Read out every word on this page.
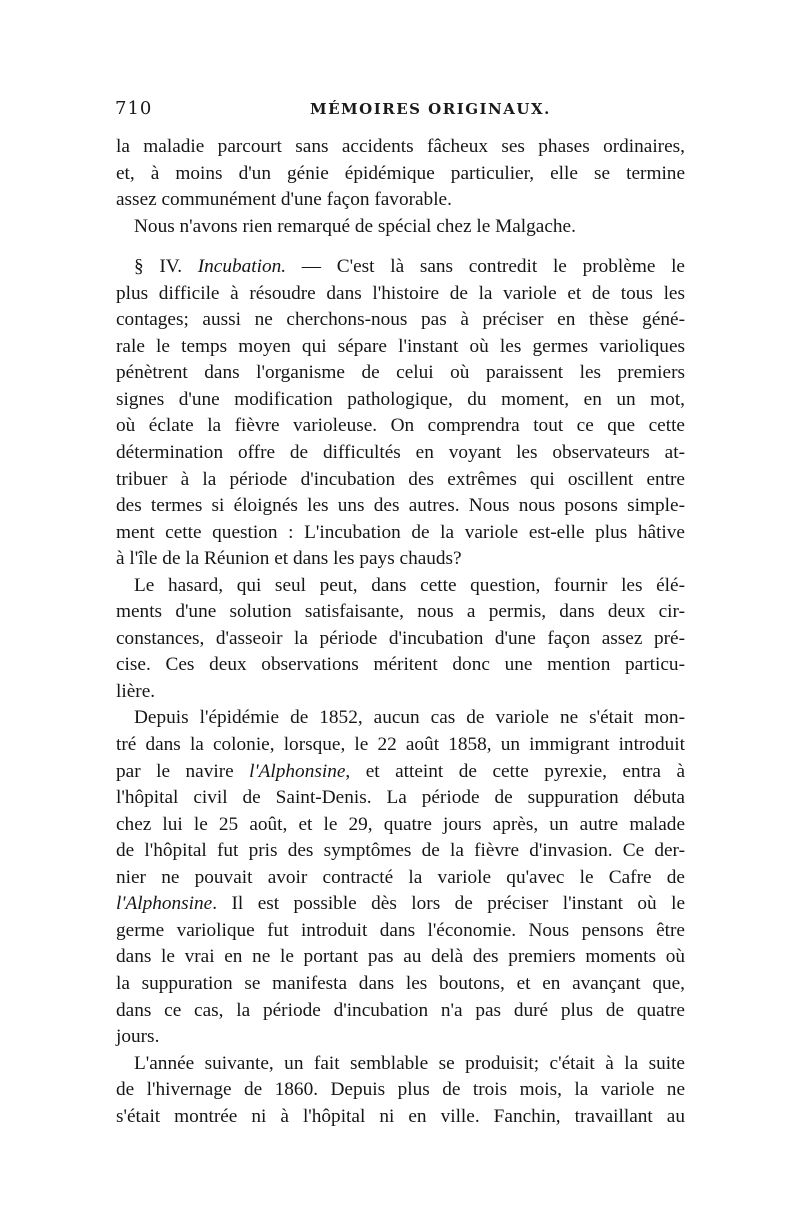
710	MÉMOIRES ORIGINAUX.
la maladie parcourt sans accidents fâcheux ses phases ordinaires,
et, à moins d'un génie épidémique particulier, elle se termine
assez communément d'une façon favorable.
Nous n'avons rien remarqué de spécial chez le Malgache.
§ IV. Incubation. — C'est là sans contredit le problème le
plus difficile à résoudre dans l'histoire de la variole et de tous les
contages; aussi ne cherchons-nous pas à préciser en thèse géné-
rale le temps moyen qui sépare l'instant où les germes varioliques
pénètrent dans l'organisme de celui où paraissent les premiers
signes d'une modification pathologique, du moment, en un mot,
où éclate la fièvre varioleuse. On comprendra tout ce que cette
détermination offre de difficultés en voyant les observateurs at-
tribuer à la période d'incubation des extrêmes qui oscillent entre
des termes si éloignés les uns des autres. Nous nous posons simple-
ment cette question : L'incubation de la variole est-elle plus hâtive
à l'île de la Réunion et dans les pays chauds?
Le hasard, qui seul peut, dans cette question, fournir les élé-
ments d'une solution satisfaisante, nous a permis, dans deux cir-
constances, d'asseoir la période d'incubation d'une façon assez pré-
cise. Ces deux observations méritent donc une mention particu-
lière.
Depuis l'épidémie de 1852, aucun cas de variole ne s'était mon-
tré dans la colonie, lorsque, le 22 août 1858, un immigrant introduit
par le navire l'Alphonsine, et atteint de cette pyrexie, entra à
l'hôpital civil de Saint-Denis. La période de suppuration débuta
chez lui le 25 août, et le 29, quatre jours après, un autre malade
de l'hôpital fut pris des symptômes de la fièvre d'invasion. Ce der-
nier ne pouvait avoir contracté la variole qu'avec le Cafre de
l'Alphonsine. Il est possible dès lors de préciser l'instant où le
germe variolique fut introduit dans l'économie. Nous pensons être
dans le vrai en ne le portant pas au delà des premiers moments où
la suppuration se manifesta dans les boutons, et en avançant que,
dans ce cas, la période d'incubation n'a pas duré plus de quatre
jours.
L'année suivante, un fait semblable se produisit; c'était à la suite
de l'hivernage de 1860. Depuis plus de trois mois, la variole ne
s'était montrée ni à l'hôpital ni en ville. Fanchin, travaillant au
